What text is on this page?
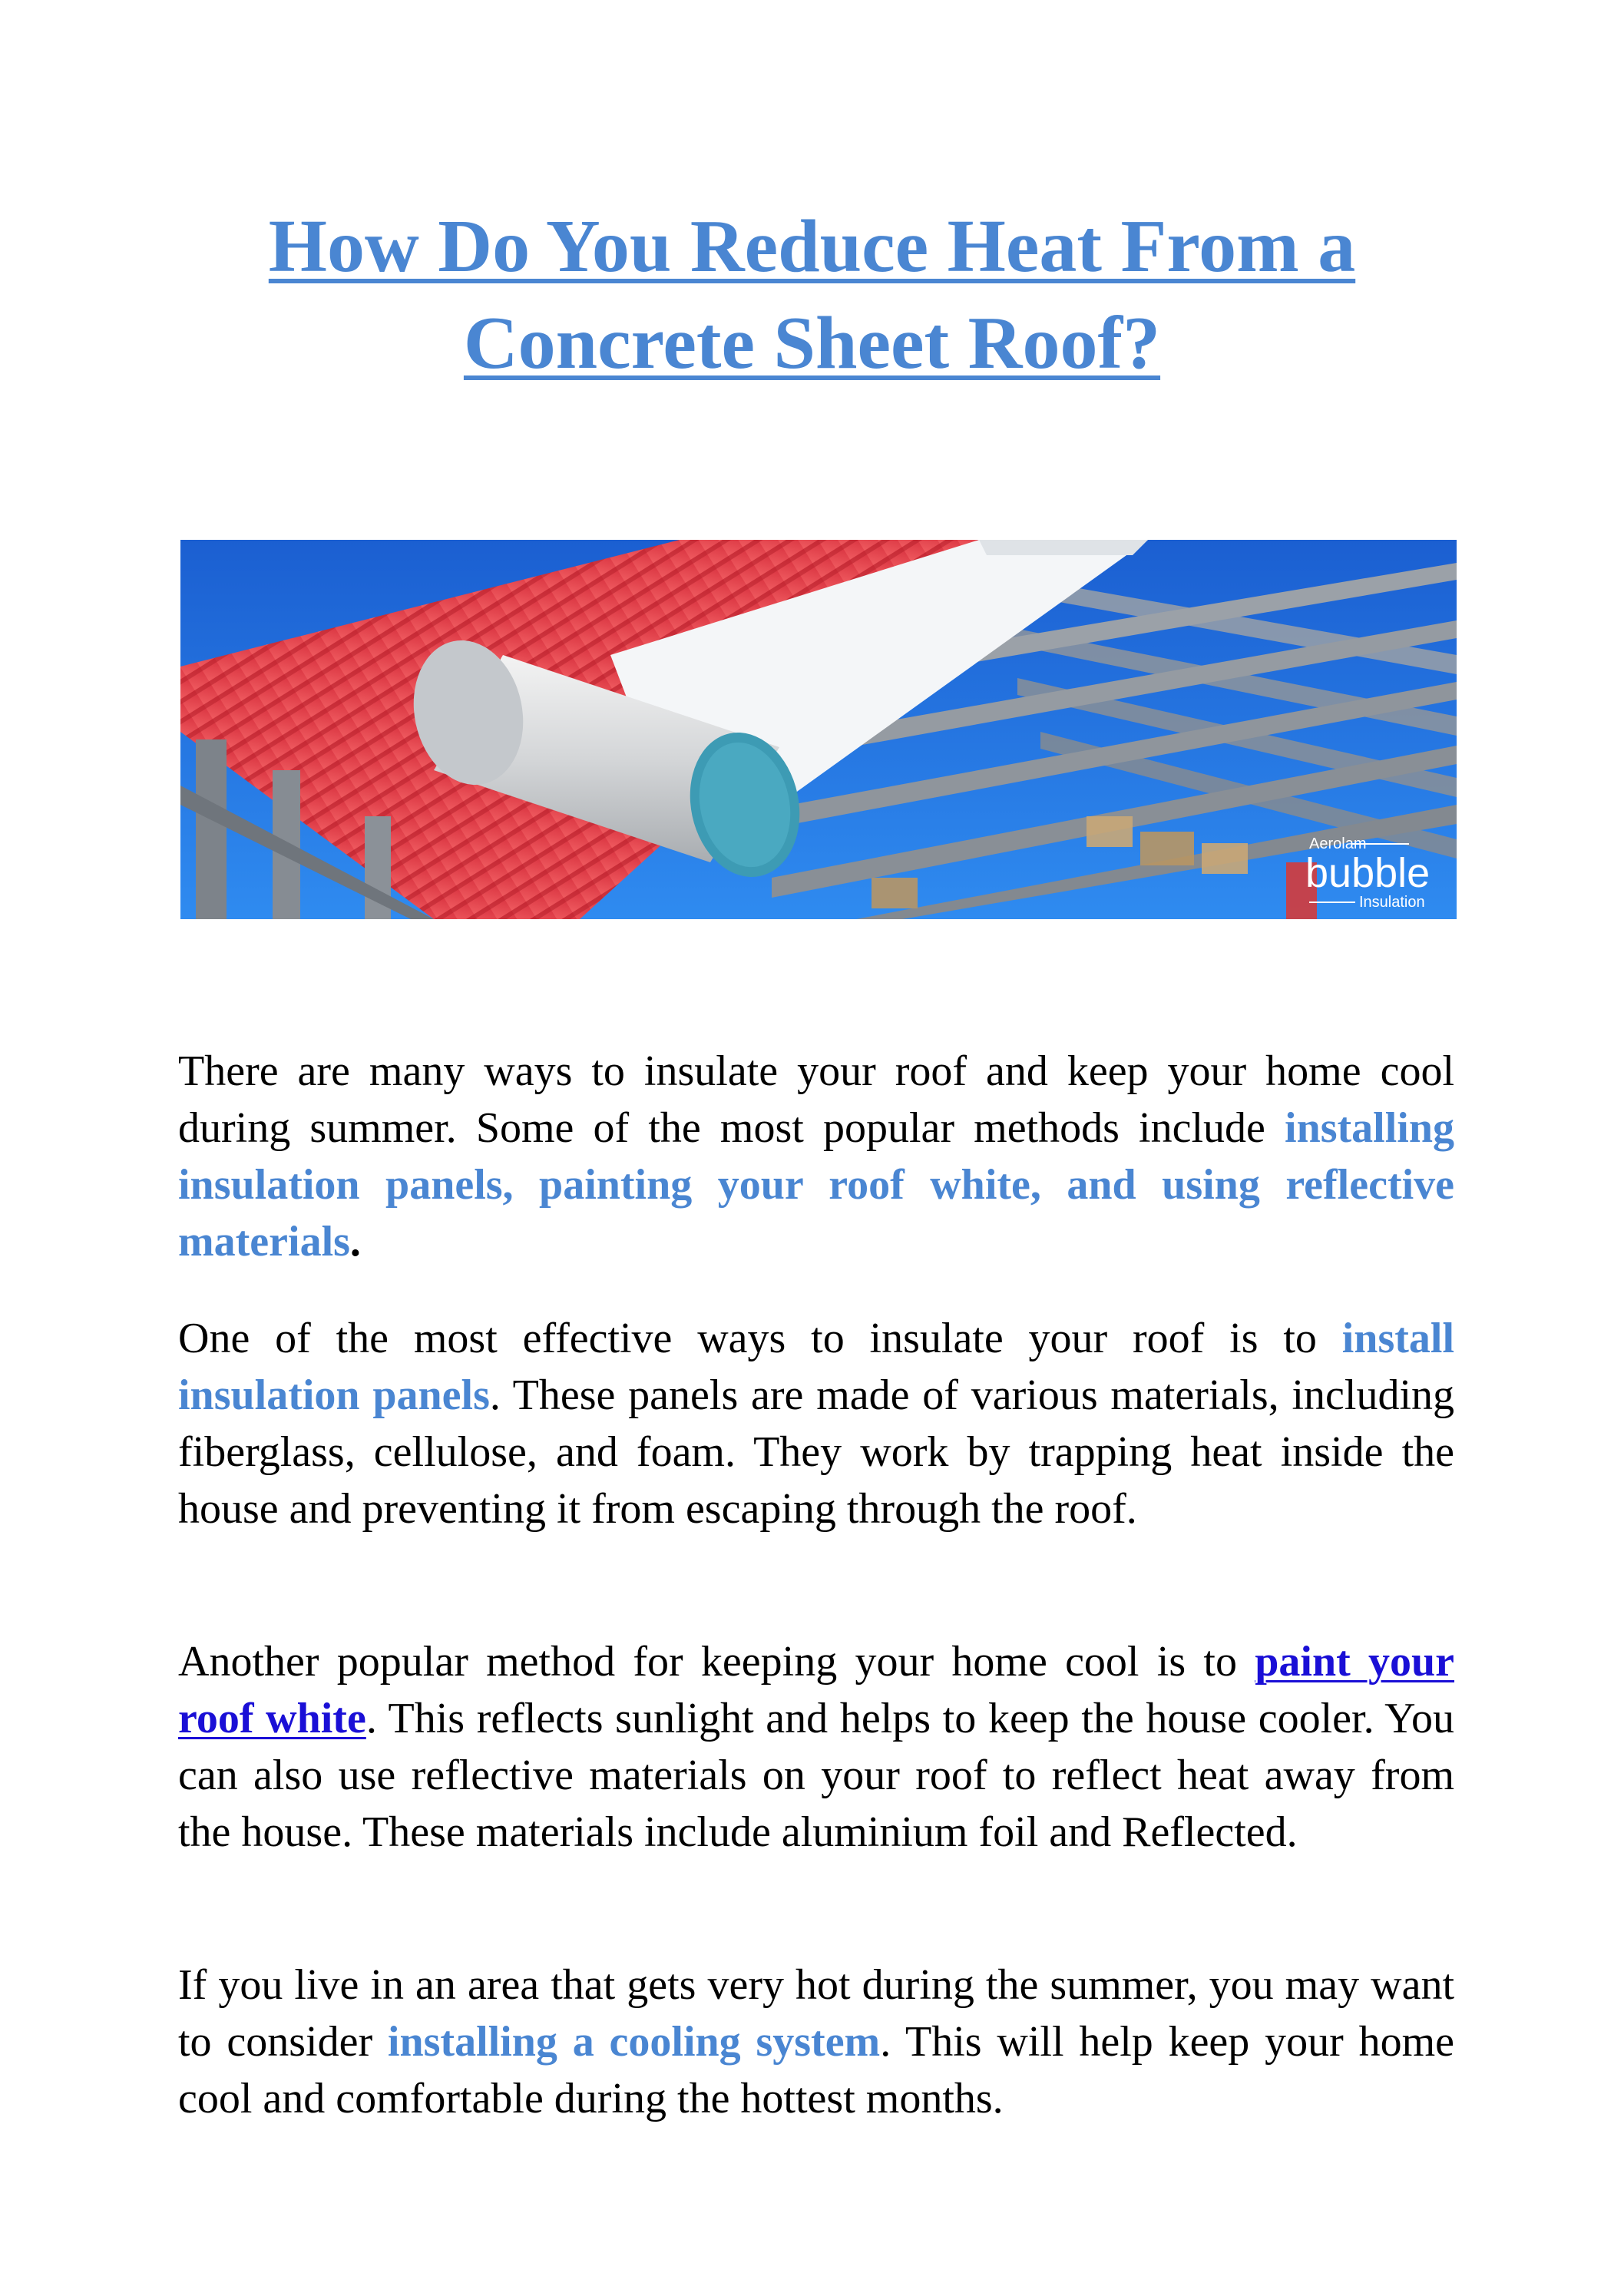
How Do You Reduce Heat From a
Concrete Sheet Roof?
Aerolam
bubble
Insulation

There are many ways to insulate your roof and keep your home cool during summer. Some of the most popular methods include installing insulation panels, painting your roof white, and using reflective materials.

One of the most effective ways to insulate your roof is to install insulation panels. These panels are made of various materials, including fiberglass, cellulose, and foam. They work by trapping heat inside the house and preventing it from escaping through the roof.

Another popular method for keeping your home cool is to paint your roof white. This reflects sunlight and helps to keep the house cooler. You can also use reflective materials on your roof to reflect heat away from the house. These materials include aluminium foil and Reflected.

If you live in an area that gets very hot during the summer, you may want to consider installing a cooling system. This will help keep your home cool and comfortable during the hottest months.
